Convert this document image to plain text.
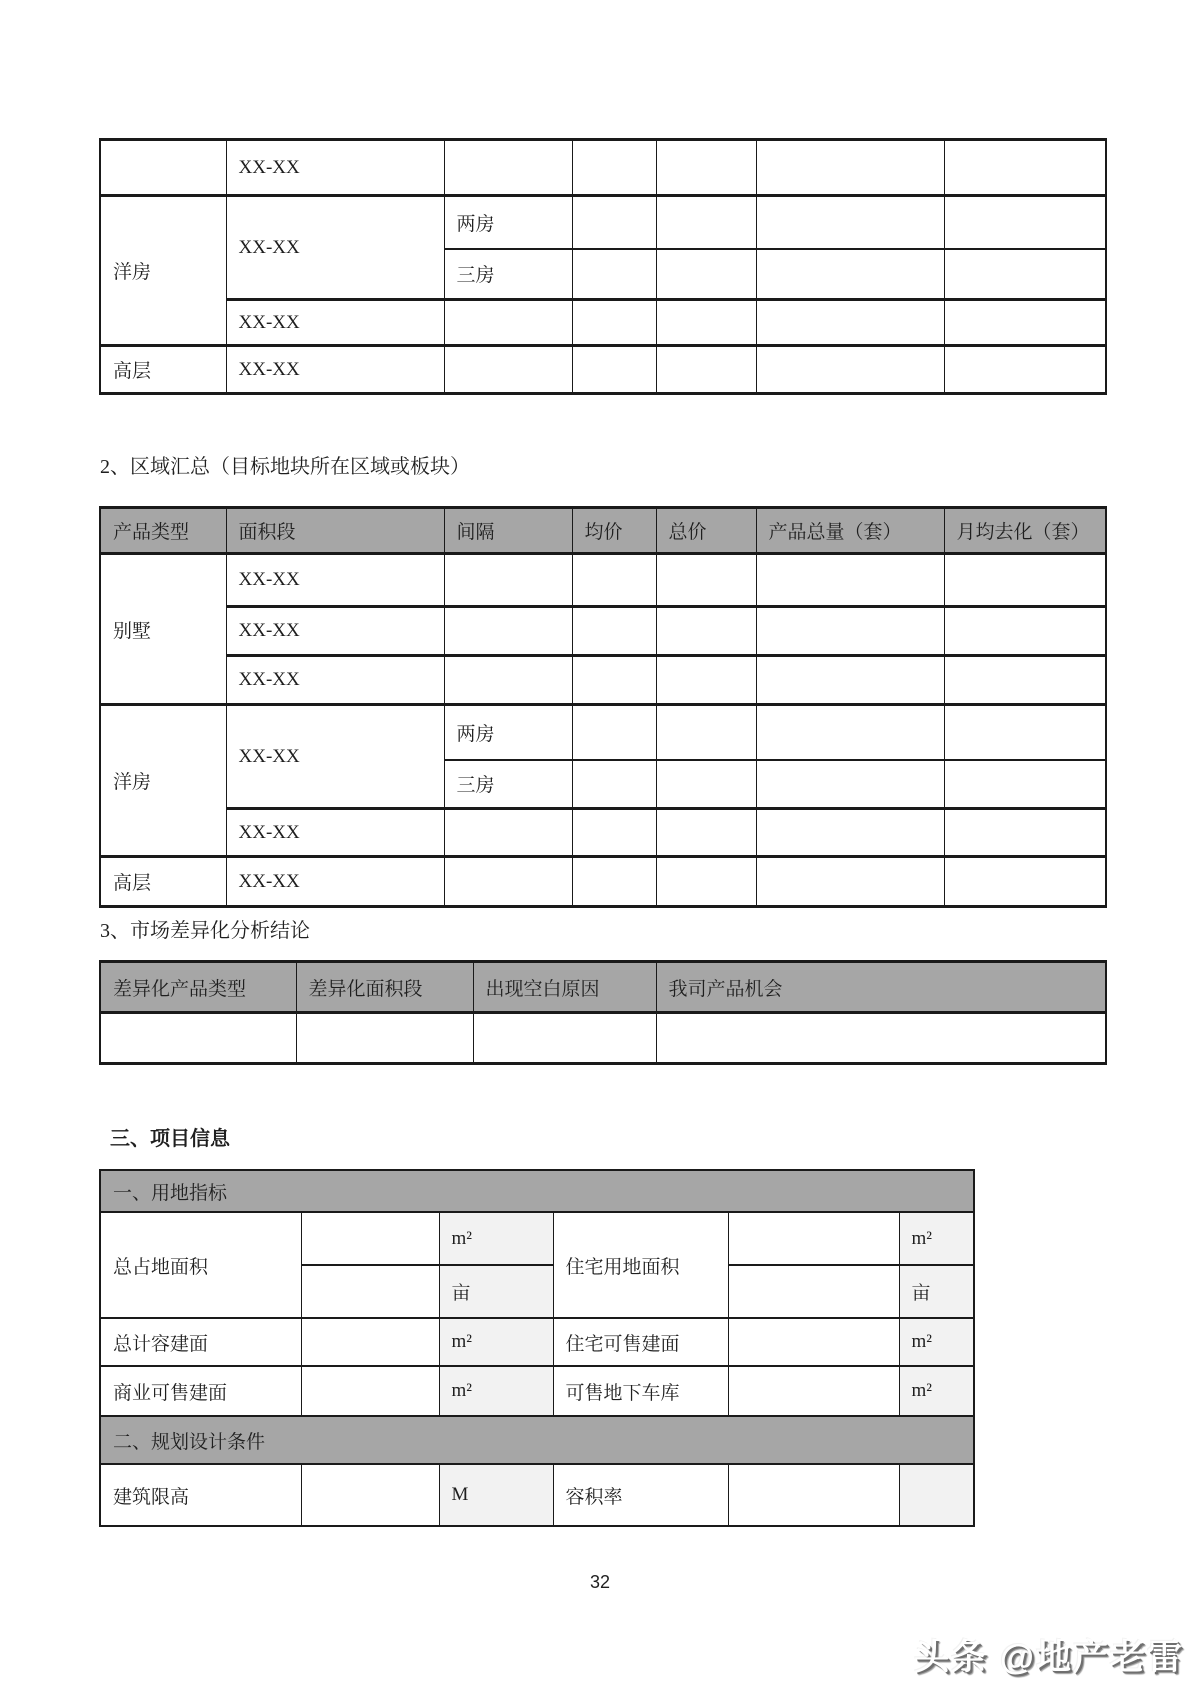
	XX-XX					
洋房	XX-XX	两房				
		三房				
	XX-XX					
高层	XX-XX					
2、区域汇总（目标地块所在区域或板块）
产品类型	面积段	间隔	均价	总价	产品总量（套）	月均去化（套）
别墅	XX-XX					
	XX-XX					
	XX-XX					
洋房	XX-XX	两房				
		三房				
	XX-XX					
高层	XX-XX					
3、市场差异化分析结论
差异化产品类型	差异化面积段	出现空白原因	我司产品机会

三、项目信息
一、用地指标					
总占地面积		m²	住宅用地面积		m²
		亩			亩
总计容建面		m²	住宅可售建面		m²
商业可售建面		m²	可售地下车库		m²
二、规划设计条件					
建筑限高		M	容积率		
32
头条 @地产老雷
